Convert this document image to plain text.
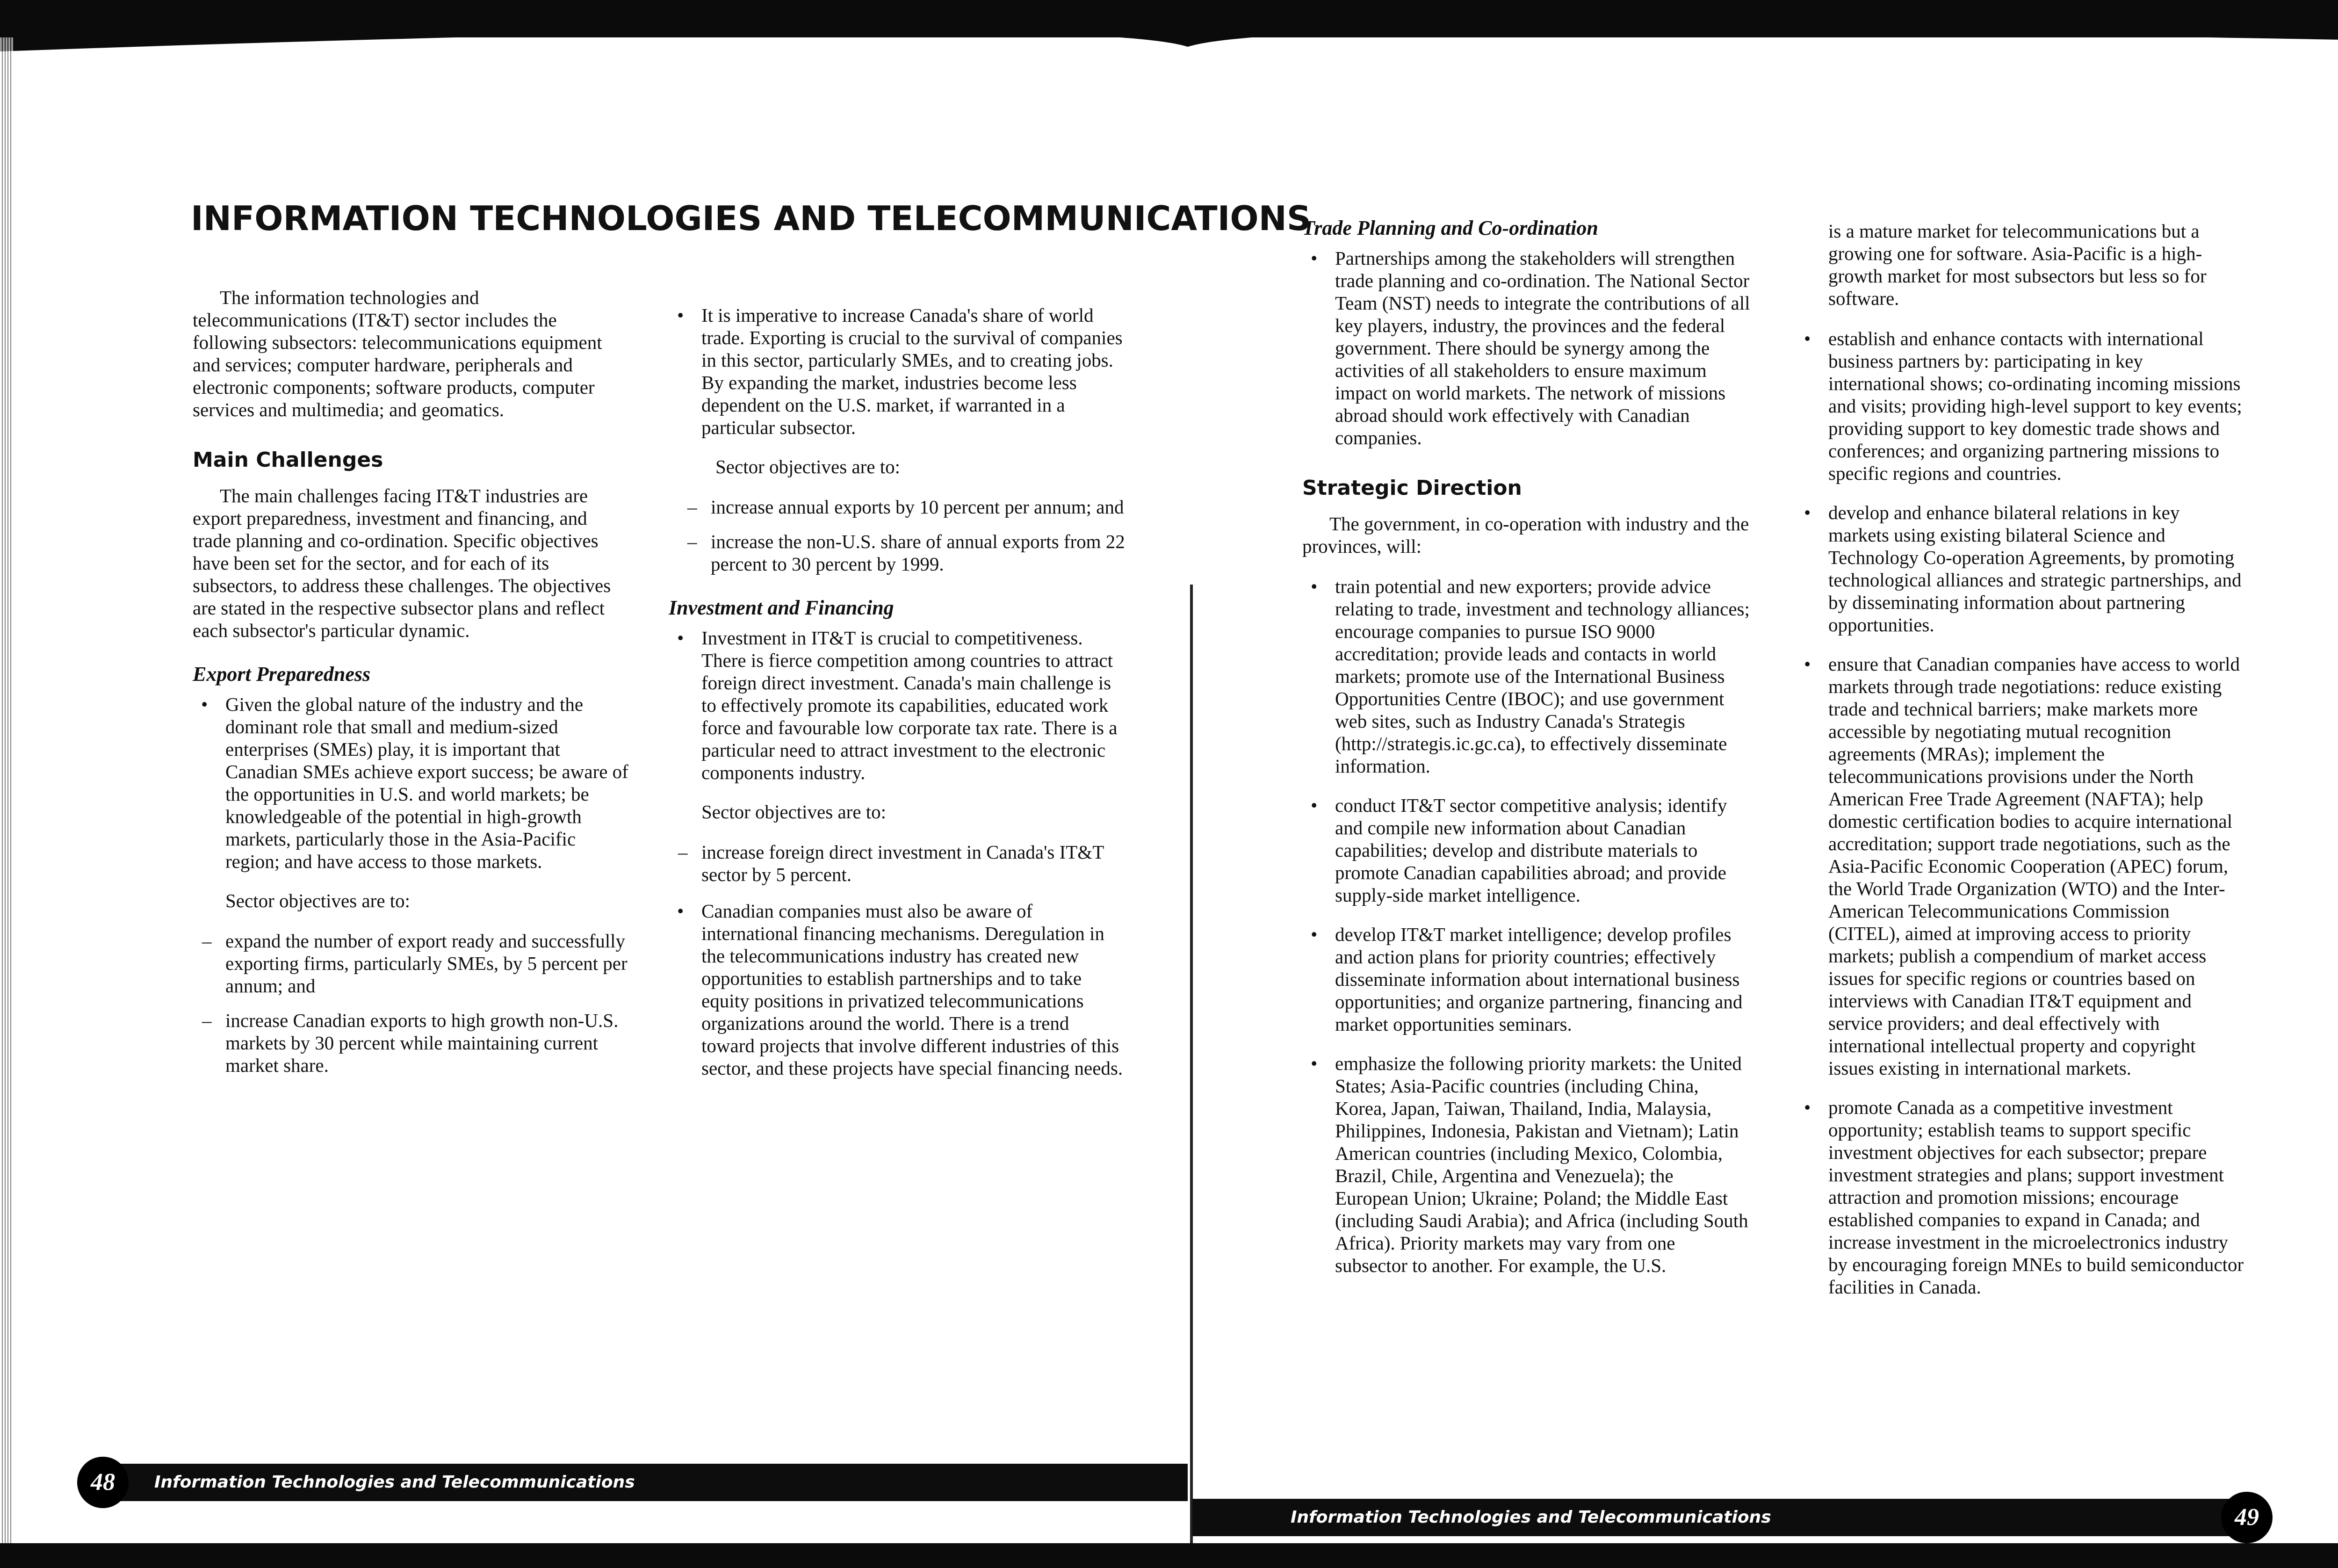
INFORMATION TECHNOLOGIES AND TELECOMMUNICATIONS

The information technologies and telecommunications (IT&T) sector includes the following subsectors: telecommunications equipment and services; computer hardware, peripherals and electronic components; software products, computer services and multimedia; and geomatics.

Main Challenges

The main challenges facing IT&T industries are export preparedness, investment and financing, and trade planning and co-ordination. Specific objectives have been set for the sector, and for each of its subsectors, to address these challenges. The objectives are stated in the respective subsector plans and reflect each subsector's particular dynamic.

Export Preparedness
• Given the global nature of the industry and the dominant role that small and medium-sized enterprises (SMEs) play, it is important that Canadian SMEs achieve export success; be aware of the opportunities in U.S. and world markets; be knowledgeable of the potential in high-growth markets, particularly those in the Asia-Pacific region; and have access to those markets.

Sector objectives are to:

– expand the number of export ready and successfully exporting firms, particularly SMEs, by 5 percent per annum; and
– increase Canadian exports to high growth non-U.S. markets by 30 percent while maintaining current market share.
• It is imperative to increase Canada's share of world trade. Exporting is crucial to the survival of companies in this sector, particularly SMEs, and to creating jobs. By expanding the market, industries become less dependent on the U.S. market, if warranted in a particular subsector.

Sector objectives are to:

– increase annual exports by 10 percent per annum; and
– increase the non-U.S. share of annual exports from 22 percent to 30 percent by 1999.
Investment and Financing
• Investment in IT&T is crucial to competitiveness. There is fierce competition among countries to attract foreign direct investment. Canada's main challenge is to effectively promote its capabilities, educated work force and favourable low corporate tax rate. There is a particular need to attract investment to the electronic components industry.

Sector objectives are to:

– increase foreign direct investment in Canada's IT&T sector by 5 percent.
• Canadian companies must also be aware of international financing mechanisms. Deregulation in the telecommunications industry has created new opportunities to establish partnerships and to take equity positions in privatized telecommunications organizations around the world. There is a trend toward projects that involve different industries of this sector, and these projects have special financing needs.
Trade Planning and Co-ordination
• Partnerships among the stakeholders will strengthen trade planning and co-ordination. The National Sector Team (NST) needs to integrate the contributions of all key players, industry, the provinces and the federal government. There should be synergy among the activities of all stakeholders to ensure maximum impact on world markets. The network of missions abroad should work effectively with Canadian companies.
Strategic Direction

The government, in co-operation with industry and the provinces, will:

• train potential and new exporters; provide advice relating to trade, investment and technology alliances; encourage companies to pursue ISO 9000 accreditation; provide leads and contacts in world markets; promote use of the International Business Opportunities Centre (IBOC); and use government web sites, such as Industry Canada's Strategis (http://strategis.ic.gc.ca), to effectively disseminate information.
• conduct IT&T sector competitive analysis; identify and compile new information about Canadian capabilities; develop and distribute materials to promote Canadian capabilities abroad; and provide supply-side market intelligence.
• develop IT&T market intelligence; develop profiles and action plans for priority countries; effectively disseminate information about international business opportunities; and organize partnering, financing and market opportunities seminars.
• emphasize the following priority markets: the United States; Asia-Pacific countries (including China, Korea, Japan, Taiwan, Thailand, India, Malaysia, Philippines, Indonesia, Pakistan and Vietnam); Latin American countries (including Mexico, Colombia, Brazil, Chile, Argentina and Venezuela); the European Union; Ukraine; Poland; the Middle East (including Saudi Arabia); and Africa (including South Africa). Priority markets may vary from one subsector to another. For example, the U.S.

is a mature market for telecommunications but a growing one for software. Asia-Pacific is a high-growth market for most subsectors but less so for software.

• establish and enhance contacts with international business partners by: participating in key international shows; co-ordinating incoming missions and visits; providing high-level support to key events; providing support to key domestic trade shows and conferences; and organizing partnering missions to specific regions and countries.
• develop and enhance bilateral relations in key markets using existing bilateral Science and Technology Co-operation Agreements, by promoting technological alliances and strategic partnerships, and by disseminating information about partnering opportunities.
• ensure that Canadian companies have access to world markets through trade negotiations: reduce existing trade and technical barriers; make markets more accessible by negotiating mutual recognition agreements (MRAs); implement the telecommunications provisions under the North American Free Trade Agreement (NAFTA); help domestic certification bodies to acquire international accreditation; support trade negotiations, such as the Asia-Pacific Economic Cooperation (APEC) forum, the World Trade Organization (WTO) and the Inter-American Telecommunications Commission (CITEL), aimed at improving access to priority markets; publish a compendium of market access issues for specific regions or countries based on interviews with Canadian IT&T equipment and service providers; and deal effectively with international intellectual property and copyright issues existing in international markets.
• promote Canada as a competitive investment opportunity; establish teams to support specific investment objectives for each subsector; prepare investment strategies and plans; support investment attraction and promotion missions; encourage established companies to expand in Canada; and increase investment in the microelectronics industry by encouraging foreign MNEs to build semiconductor facilities in Canada.
Information Technologies and Telecommunications
48
Information Technologies and Telecommunications	49
